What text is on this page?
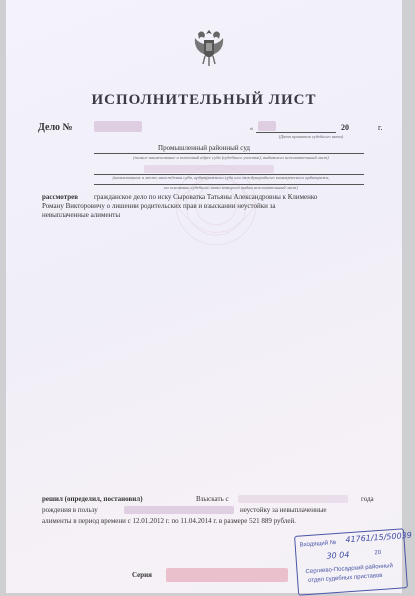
ИСПОЛНИТЕЛЬНЫЙ ЛИСТ
Дело №	«	20	г.
(Дата принятия судебного акта)
Промышленный районный суд
(полное наименование и почтовый адрес суда (судебного участка), выдавшего исполнительный лист)
(наименование и место нахождения суда, арбитражного суда или международного коммерческого арбитража,
на основании судебного акта которого выдан исполнительный лист)
рассмотрев гражданское дело по иску Сыроватка Татьяны Александровны к Клименко
Роману Викторовичу о лишении родительских прав и взыскании неустойки за
невыплаченные алименты
решил (определил, постановил)	Взыскать с	года
рождения в пользу	неустойку за невыплаченные
алименты в период времени с 12.01.2012 г. по 11.04.2014 г. в размере 521 889 рублей.
Серия
Входящий № 41761/15/50039
30 04	20
Сергиево-Посадский районный
отдел судебных приставов
